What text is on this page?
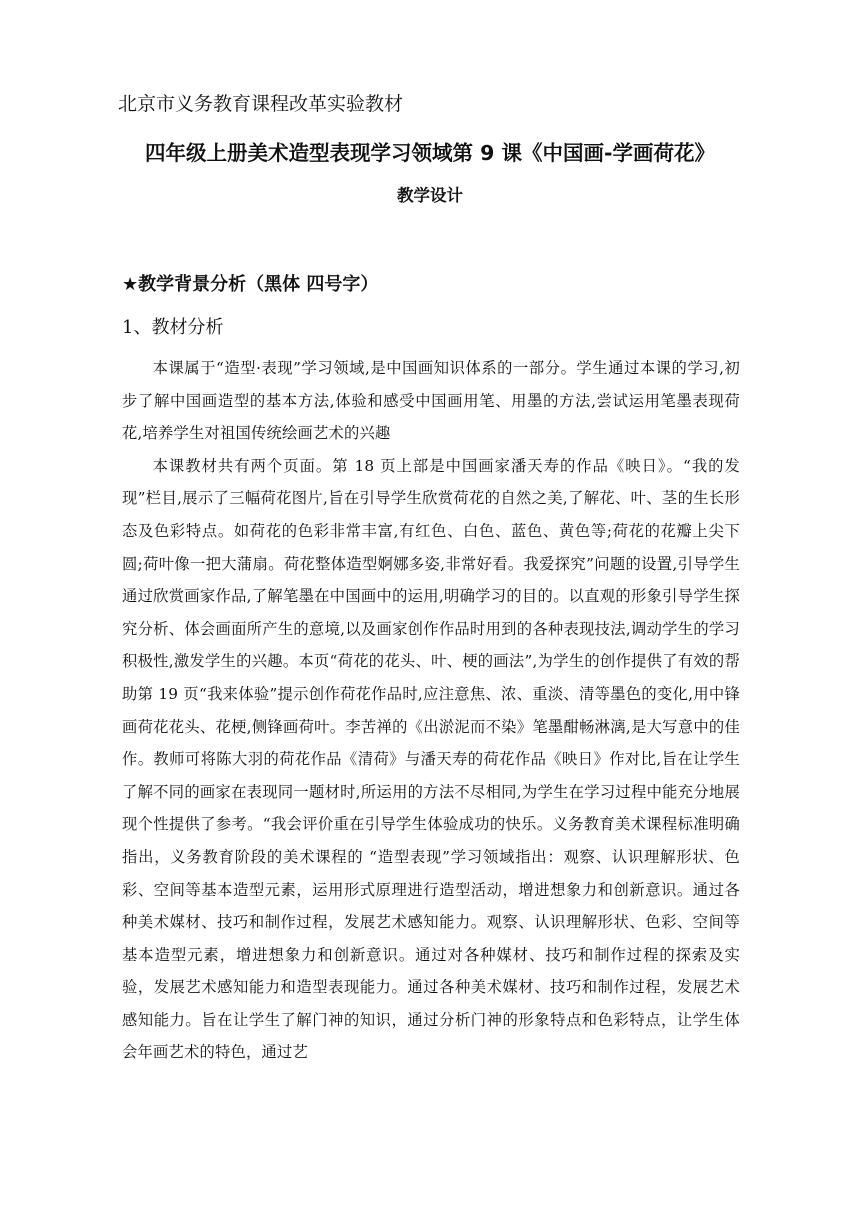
北京市义务教育课程改革实验教材
四年级上册美术造型表现学习领域第 9 课《中国画-学画荷花》
教学设计
★教学背景分析（黑体 四号字）
1、教材分析

本课属于“造型·表现”学习领域,是中国画知识体系的一部分。学生通过本课的学习,初步了解中国画造型的基本方法,体验和感受中国画用笔、用墨的方法,尝试运用笔墨表现荷花,培养学生对祖国传统绘画艺术的兴趣

本课教材共有两个页面。第 18 页上部是中国画家潘天寿的作品《映日》。“我的发现”栏目,展示了三幅荷花图片,旨在引导学生欣赏荷花的自然之美,了解花、叶、茎的生长形态及色彩特点。如荷花的色彩非常丰富,有红色、白色、蓝色、黄色等;荷花的花瓣上尖下圆;荷叶像一把大蒲扇。荷花整体造型婀娜多姿,非常好看。我爱探究”问题的设置,引导学生通过欣赏画家作品,了解笔墨在中国画中的运用,明确学习的目的。以直观的形象引导学生探究分析、体会画面所产生的意境,以及画家创作作品时用到的各种表现技法,调动学生的学习积极性,激发学生的兴趣。本页“荷花的花头、叶、梗的画法”,为学生的创作提供了有效的帮助第 19 页“我来体验”提示创作荷花作品时,应注意焦、浓、重淡、清等墨色的变化,用中锋画荷花花头、花梗,侧锋画荷叶。李苦禅的《出淤泥而不染》笔墨酣畅淋漓,是大写意中的佳作。教师可将陈大羽的荷花作品《清荷》与潘天寿的荷花作品《映日》作对比,旨在让学生了解不同的画家在表现同一题材时,所运用的方法不尽相同,为学生在学习过程中能充分地展现个性提供了参考。“我会评价重在引导学生体验成功的快乐。义务教育美术课程标准明确指出，义务教育阶段的美术课程的 “造型表现”学习领域指出：观察、认识理解形状、色彩、空间等基本造型元素，运用形式原理进行造型活动，增进想象力和创新意识。通过各种美术媒材、技巧和制作过程，发展艺术感知能力。观察、认识理解形状、色彩、空间等基本造型元素，增进想象力和创新意识。通过对各种媒材、技巧和制作过程的探索及实验，发展艺术感知能力和造型表现能力。通过各种美术媒材、技巧和制作过程，发展艺术感知能力。旨在让学生了解门神的知识，通过分析门神的形象特点和色彩特点，让学生体会年画艺术的特色，通过艺
